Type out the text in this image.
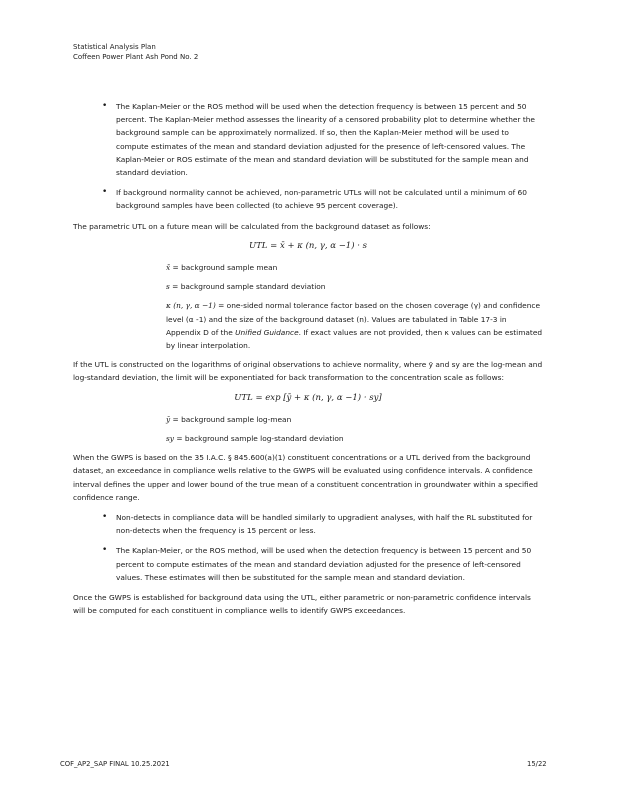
Statistical Analysis Plan
Coffeen Power Plant Ash Pond No. 2
• The Kaplan-Meier or the ROS method will be used when the detection frequency is between 15 percent and 50 percent. The Kaplan-Meier method assesses the linearity of a censored probability plot to determine whether the background sample can be approximately normalized. If so, then the Kaplan-Meier method will be used to compute estimates of the mean and standard deviation adjusted for the presence of left-censored values. The Kaplan-Meier or ROS estimate of the mean and standard deviation will be substituted for the sample mean and standard deviation.
• If background normality cannot be achieved, non-parametric UTLs will not be calculated until a minimum of 60 background samples have been collected (to achieve 95 percent coverage).

The parametric UTL on a future mean will be calculated from the background dataset as follows:

UTL = x̄ + κ (n, γ, α −1) · s
x̄ = background sample mean
s = background sample standard deviation
κ (n, γ, α −1) = one-sided normal tolerance factor based on the chosen coverage (γ) and confidence level (α -1) and the size of the background dataset (n). Values are tabulated in Table 17-3 in Appendix D of the Unified Guidance. If exact values are not provided, then κ values can be estimated by linear interpolation.

If the UTL is constructed on the logarithms of original observations to achieve normality, where ȳ and sy are the log-mean and log-standard deviation, the limit will be exponentiated for back transformation to the concentration scale as follows:

UTL = exp [ȳ + κ (n, γ, α −1) · sy]
ȳ = background sample log-mean
sy = background sample log-standard deviation

When the GWPS is based on the 35 I.A.C. § 845.600(a)(1) constituent concentrations or a UTL derived from the background dataset, an exceedance in compliance wells relative to the GWPS will be evaluated using confidence intervals. A confidence interval defines the upper and lower bound of the true mean of a constituent concentration in groundwater within a specified confidence range.

• Non-detects in compliance data will be handled similarly to upgradient analyses, with half the RL substituted for non-detects when the frequency is 15 percent or less.
• The Kaplan-Meier, or the ROS method, will be used when the detection frequency is between 15 percent and 50 percent to compute estimates of the mean and standard deviation adjusted for the presence of left-censored values. These estimates will then be substituted for the sample mean and standard deviation.

Once the GWPS is established for background data using the UTL, either parametric or non-parametric confidence intervals will be computed for each constituent in compliance wells to identify GWPS exceedances.

COF_AP2_SAP FINAL 10.25.2021	15/22
